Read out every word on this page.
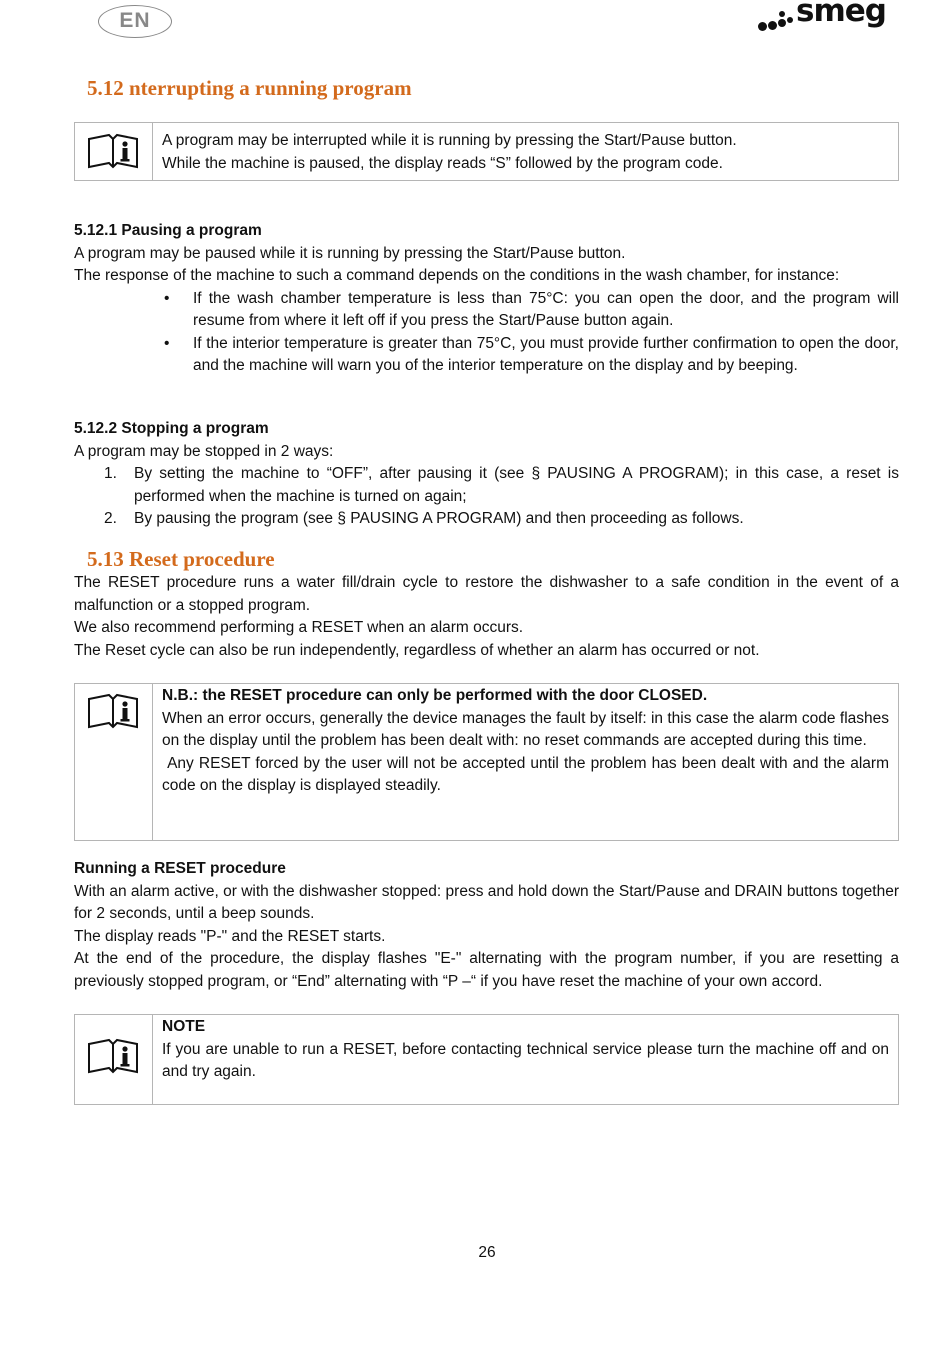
EN	smeg
5.12 nterrupting a running program

A program may be interrupted while it is running by pressing the Start/Pause button.

While the machine is paused, the display reads “S” followed by the program code.

5.12.1 Pausing a program

A program may be paused while it is running by pressing the Start/Pause button.

The response of the machine to such a command depends on the conditions in the wash chamber, for instance:

• If the wash chamber temperature is less than 75°C: you can open the door, and the program will resume from where it left off if you press the Start/Pause button again.
• If the interior temperature is greater than 75°C, you must provide further confirmation to open the door, and the machine will warn you of the interior temperature on the display and by beeping.

5.12.2 Stopping a program

A program may be stopped in 2 ways:

1. By setting the machine to “OFF”, after pausing it (see § PAUSING A PROGRAM); in this case, a reset is performed when the machine is turned on again;
2. By pausing the program (see § PAUSING A PROGRAM) and then proceeding as follows.
5.13 Reset procedure

The RESET procedure runs a water fill/drain cycle to restore the dishwasher to a safe condition in the event of a malfunction or a stopped program.

We also recommend performing a RESET when an alarm occurs.

The Reset cycle can also be run independently, regardless of whether an alarm has occurred or not.

N.B.: the RESET procedure can only be performed with the door CLOSED.

When an error occurs, generally the device manages the fault by itself: in this case the alarm code flashes on the display until the problem has been dealt with: no reset commands are accepted during this time.

Any RESET forced by the user will not be accepted until the problem has been dealt with and the alarm code on the display is displayed steadily.

Running a RESET procedure

With an alarm active, or with the dishwasher stopped: press and hold down the Start/Pause and DRAIN buttons together for 2 seconds, until a beep sounds.

The display reads "P-" and the RESET starts.

At the end of the procedure, the display flashes "E-" alternating with the program number, if you are resetting a previously stopped program, or “End” alternating with “P –“ if you have reset the machine of your own accord.

NOTE

If you are unable to run a RESET, before contacting technical service please turn the machine off and on and try again.

26
